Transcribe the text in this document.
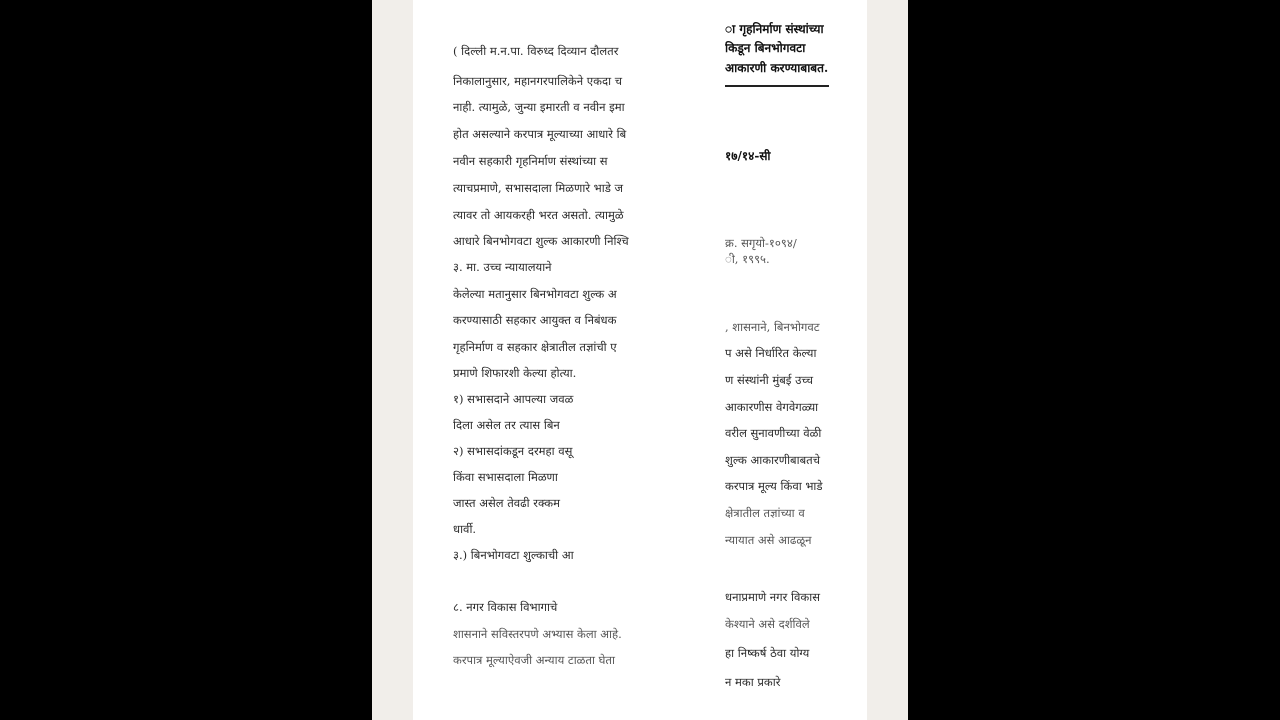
( दिल्ली म.न.पा. विरुध्द दिव्यान दौलतर
निकालानुसार, महानगरपालिकेने एकदा च
नाही. त्यामुळे, जुन्या इमारती व नवीन इमा
होत असल्याने करपात्र मूल्याच्या आधारे बि
नवीन सहकारी गृहनिर्माण संस्थांच्या स
त्याचप्रमाणे, सभासदाला मिळणारे भाडे ज
त्यावर तो आयकरही भरत असतो. त्यामुळे
आधारे बिनभोगवटा शुल्क आकारणी निश्चि
३. मा. उच्च न्यायालयाने
केलेल्या मतानुसार बिनभोगवटा शुल्क अ
करण्यासाठी सहकार आयुक्त व निबंधक
गृहनिर्माण व सहकार क्षेत्रातील तज्ञांची ए
प्रमाणे शिफारशी केल्या होत्या.
१) सभासदाने आपल्या जवळ
दिला असेल तर त्यास बिन
२) सभासदांकडून दरमहा वसू
किंवा सभासदाला मिळणा
जास्त असेल तेवढी रक्कम
धार्वी.
३.) बिनभोगवटा शुल्काची आ
८. नगर विकास विभागाचे
शासनाने सविस्तरपणे अभ्यास केला आहे.
करपात्र मूल्याऐवजी अन्याय टाळता घेता
ा गृहनिर्माण संस्थांच्या
किडून बिनभोगवटा
आकारणी करण्याबाबत.
१७/१४-सी
क्र. सगृयो-१०९४/
ी, १९९५.
, शासनाने, बिनभोगवट
प असे निर्धारित केल्या
ण संस्थांनी मुंबई उच्च
आकारणीस वेगवेगळ्या
वरील सुनावणीच्या वेळी
शुल्क आकारणीबाबतचे
करपात्र मूल्य किंवा भाडे
क्षेत्रातील तज्ञांच्या व
न्यायात असे आढळून
धनाप्रमाणे नगर विकास
केश्याने असे दर्शविले
हा निष्कर्ष ठेवा योग्य
न मका प्रकारे
